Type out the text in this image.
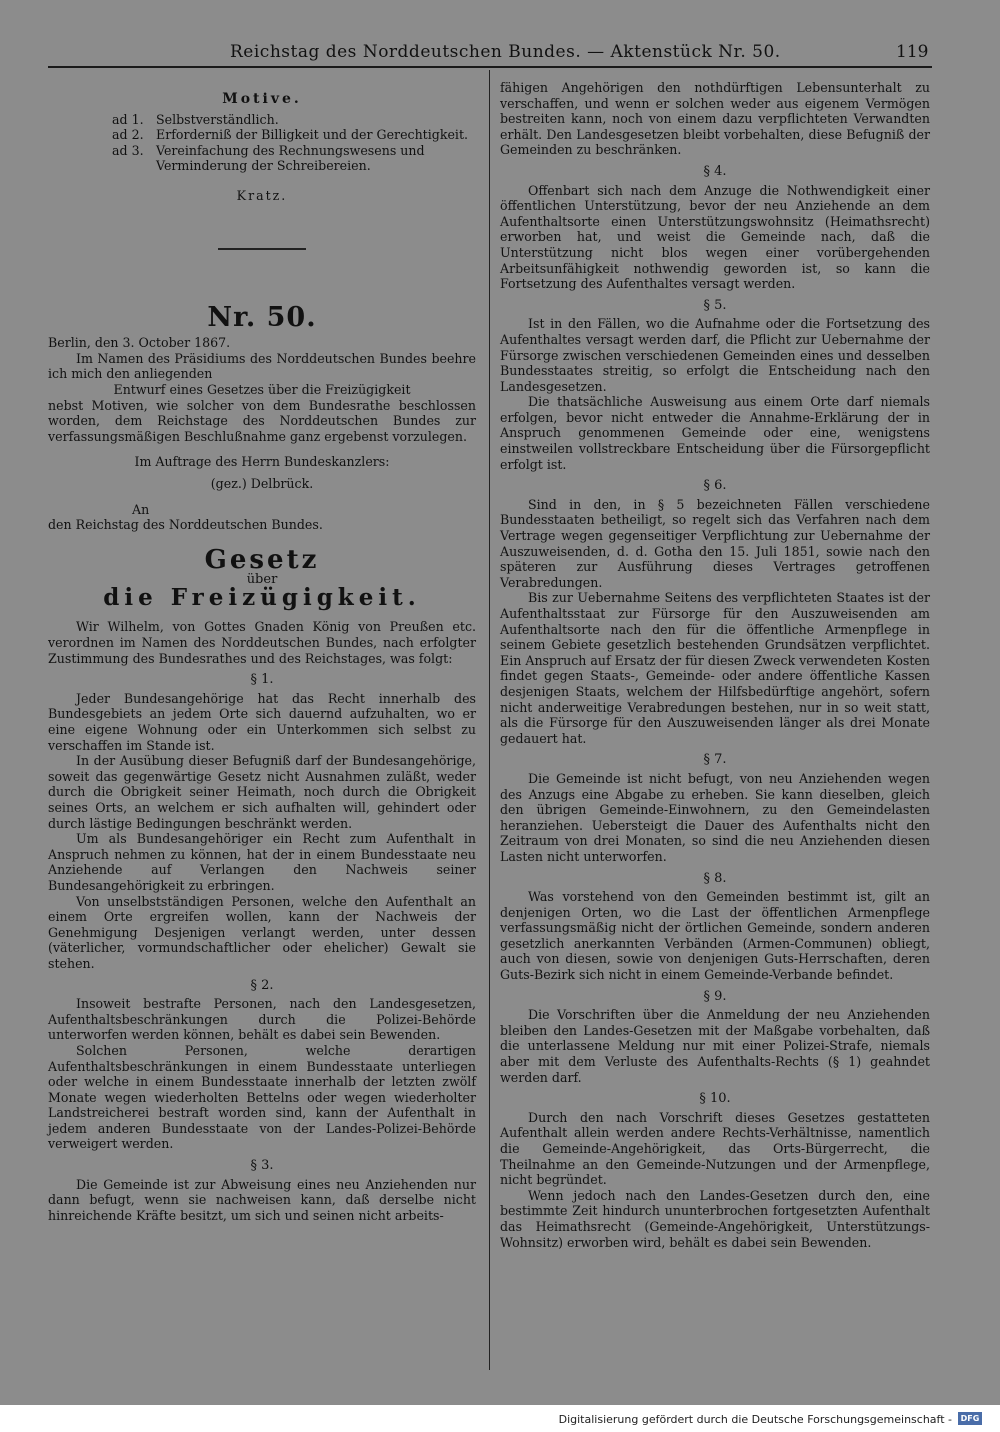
Reichstag des Norddeutschen Bundes. — Aktenstück Nr. 50.	119
Motive.
ad 1. Selbstverständlich.
ad 2. Erforderniß der Billigkeit und der Gerechtigkeit.
ad 3. Vereinfachung des Rechnungswesens und Verminderung der Schreibereien.
Kratz.
Nr. 50.

Berlin, den 3. October 1867.

Im Namen des Präsidiums des Norddeutschen Bundes beehre ich mich den anliegenden

Entwurf eines Gesetzes über die Freizügigkeit

nebst Motiven, wie solcher von dem Bundesrathe beschlossen worden, dem Reichstage des Norddeutschen Bundes zur verfassungsmäßigen Beschlußnahme ganz ergebenst vorzulegen.

Im Auftrage des Herrn Bundeskanzlers:

(gez.) Delbrück.

An

den Reichstag des Norddeutschen Bundes.

Gesetz
über
die Freizügigkeit.

Wir Wilhelm, von Gottes Gnaden König von Preußen etc. verordnen im Namen des Norddeutschen Bundes, nach erfolgter Zustimmung des Bundesrathes und des Reichstages, was folgt:

§ 1.

Jeder Bundesangehörige hat das Recht innerhalb des Bundesgebiets an jedem Orte sich dauernd aufzuhalten, wo er eine eigene Wohnung oder ein Unterkommen sich selbst zu verschaffen im Stande ist.

In der Ausübung dieser Befugniß darf der Bundesangehörige, soweit das gegenwärtige Gesetz nicht Ausnahmen zuläßt, weder durch die Obrigkeit seiner Heimath, noch durch die Obrigkeit seines Orts, an welchem er sich aufhalten will, gehindert oder durch lästige Bedingungen beschränkt werden.

Um als Bundesangehöriger ein Recht zum Aufenthalt in Anspruch nehmen zu können, hat der in einem Bundesstaate neu Anziehende auf Verlangen den Nachweis seiner Bundesangehörigkeit zu erbringen.

Von unselbstständigen Personen, welche den Aufenthalt an einem Orte ergreifen wollen, kann der Nachweis der Genehmigung Desjenigen verlangt werden, unter dessen (väterlicher, vormundschaftlicher oder ehelicher) Gewalt sie stehen.

§ 2.

Insoweit bestrafte Personen, nach den Landesgesetzen, Aufenthaltsbeschränkungen durch die Polizei-Behörde unterworfen werden können, behält es dabei sein Bewenden.

Solchen Personen, welche derartigen Aufenthaltsbeschränkungen in einem Bundesstaate unterliegen oder welche in einem Bundesstaate innerhalb der letzten zwölf Monate wegen wiederholten Bettelns oder wegen wiederholter Landstreicherei bestraft worden sind, kann der Aufenthalt in jedem anderen Bundesstaate von der Landes-Polizei-Behörde verweigert werden.

§ 3.

Die Gemeinde ist zur Abweisung eines neu Anziehenden nur dann befugt, wenn sie nachweisen kann, daß derselbe nicht hinreichende Kräfte besitzt, um sich und seinen nicht arbeits-

fähigen Angehörigen den nothdürftigen Lebensunterhalt zu verschaffen, und wenn er solchen weder aus eigenem Vermögen bestreiten kann, noch von einem dazu verpflichteten Verwandten erhält. Den Landesgesetzen bleibt vorbehalten, diese Befugniß der Gemeinden zu beschränken.

§ 4.

Offenbart sich nach dem Anzuge die Nothwendigkeit einer öffentlichen Unterstützung, bevor der neu Anziehende an dem Aufenthaltsorte einen Unterstützungswohnsitz (Heimathsrecht) erworben hat, und weist die Gemeinde nach, daß die Unterstützung nicht blos wegen einer vorübergehenden Arbeitsunfähigkeit nothwendig geworden ist, so kann die Fortsetzung des Aufenthaltes versagt werden.

§ 5.

Ist in den Fällen, wo die Aufnahme oder die Fortsetzung des Aufenthaltes versagt werden darf, die Pflicht zur Uebernahme der Fürsorge zwischen verschiedenen Gemeinden eines und desselben Bundesstaates streitig, so erfolgt die Entscheidung nach den Landesgesetzen.

Die thatsächliche Ausweisung aus einem Orte darf niemals erfolgen, bevor nicht entweder die Annahme-Erklärung der in Anspruch genommenen Gemeinde oder eine, wenigstens einstweilen vollstreckbare Entscheidung über die Fürsorgepflicht erfolgt ist.

§ 6.

Sind in den, in § 5 bezeichneten Fällen verschiedene Bundesstaaten betheiligt, so regelt sich das Verfahren nach dem Vertrage wegen gegenseitiger Verpflichtung zur Uebernahme der Auszuweisenden, d. d. Gotha den 15. Juli 1851, sowie nach den späteren zur Ausführung dieses Vertrages getroffenen Verabredungen.

Bis zur Uebernahme Seitens des verpflichteten Staates ist der Aufenthaltsstaat zur Fürsorge für den Auszuweisenden am Aufenthaltsorte nach den für die öffentliche Armenpflege in seinem Gebiete gesetzlich bestehenden Grundsätzen verpflichtet. Ein Anspruch auf Ersatz der für diesen Zweck verwendeten Kosten findet gegen Staats-, Gemeinde- oder andere öffentliche Kassen desjenigen Staats, welchem der Hilfsbedürftige angehört, sofern nicht anderweitige Verabredungen bestehen, nur in so weit statt, als die Fürsorge für den Auszuweisenden länger als drei Monate gedauert hat.

§ 7.

Die Gemeinde ist nicht befugt, von neu Anziehenden wegen des Anzugs eine Abgabe zu erheben. Sie kann dieselben, gleich den übrigen Gemeinde-Einwohnern, zu den Gemeindelasten heranziehen. Uebersteigt die Dauer des Aufenthalts nicht den Zeitraum von drei Monaten, so sind die neu Anziehenden diesen Lasten nicht unterworfen.

§ 8.

Was vorstehend von den Gemeinden bestimmt ist, gilt an denjenigen Orten, wo die Last der öffentlichen Armenpflege verfassungsmäßig nicht der örtlichen Gemeinde, sondern anderen gesetzlich anerkannten Verbänden (Armen-Communen) obliegt, auch von diesen, sowie von denjenigen Guts-Herrschaften, deren Guts-Bezirk sich nicht in einem Gemeinde-Verbande befindet.

§ 9.

Die Vorschriften über die Anmeldung der neu Anziehenden bleiben den Landes-Gesetzen mit der Maßgabe vorbehalten, daß die unterlassene Meldung nur mit einer Polizei-Strafe, niemals aber mit dem Verluste des Aufenthalts-Rechts (§ 1) geahndet werden darf.

§ 10.

Durch den nach Vorschrift dieses Gesetzes gestatteten Aufenthalt allein werden andere Rechts-Verhältnisse, namentlich die Gemeinde-Angehörigkeit, das Orts-Bürgerrecht, die Theilnahme an den Gemeinde-Nutzungen und der Armenpflege, nicht begründet.

Wenn jedoch nach den Landes-Gesetzen durch den, eine bestimmte Zeit hindurch ununterbrochen fortgesetzten Aufenthalt das Heimathsrecht (Gemeinde-Angehörigkeit, Unterstützungs-Wohnsitz) erworben wird, behält es dabei sein Bewenden.

Digitalisierung gefördert durch die Deutsche Forschungsgemeinschaft -	DFG
